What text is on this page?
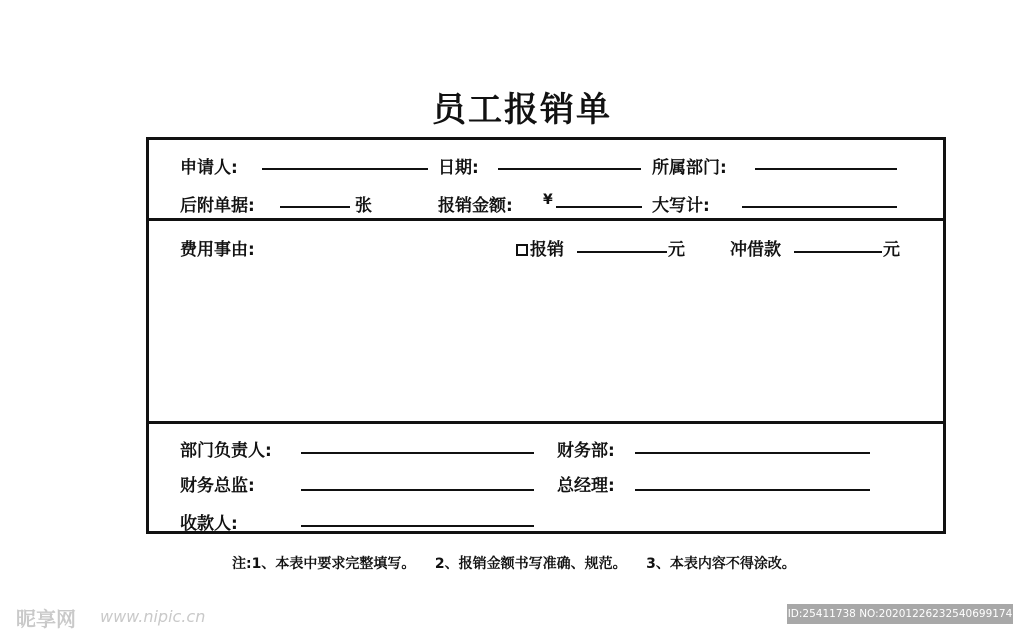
员工报销单
申请人:	日期:	所属部门:
后附单据:	张	报销金额: ¥	大写计:
费用事由:	报销	元	冲借款	元
部门负责人:	财务部:
财务总监:	总经理:
收款人:
注:1、本表中要求完整填写。    2、报销金额书写准确、规范。    3、本表内容不得涂改。
昵享网 www.nipic.cn	ID:25411738 NO:20201226232540699174
